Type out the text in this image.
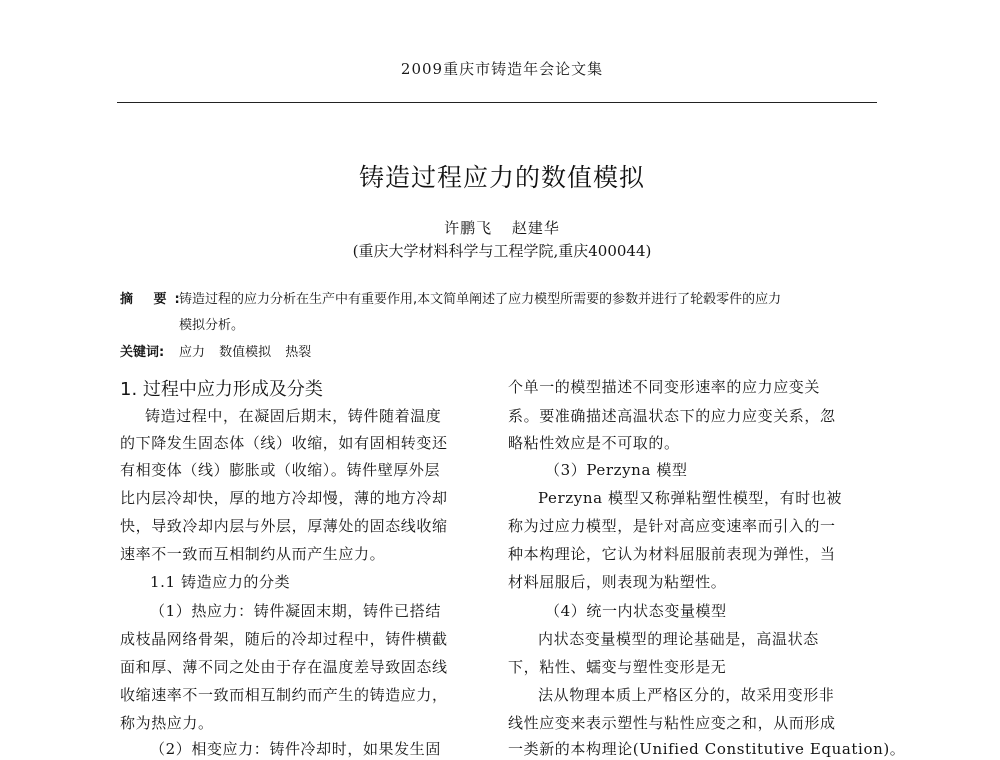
2009重庆市铸造年会论文集
铸造过程应力的数值模拟
许鹏飞 赵建华
(重庆大学材料科学与工程学院,重庆400044)
摘 要:
铸造过程的应力分析在生产中有重要作用,本文简单阐述了应力模型所需要的参数并进行了轮毂零件的应力
模拟分析。
关键词: 应力 数值模拟 热裂
1. 过程中应力形成及分类
铸造过程中，在凝固后期末，铸件随着温度
的下降发生固态体（线）收缩，如有固相转变还
有相变体（线）膨胀或（收缩）。铸件壁厚外层
比内层冷却快，厚的地方冷却慢，薄的地方冷却
快，导致冷却内层与外层，厚薄处的固态线收缩
速率不一致而互相制约从而产生应力。
1.1 铸造应力的分类
（1）热应力：铸件凝固末期，铸件已搭结
成枝晶网络骨架，随后的冷却过程中，铸件横截
面和厚、薄不同之处由于存在温度差导致固态线
收缩速率不一致而相互制约而产生的铸造应力，
称为热应力。
（2）相变应力：铸件冷却时，如果发生固
个单一的模型描述不同变形速率的应力应变关
系。要准确描述高温状态下的应力应变关系，忽
略粘性效应是不可取的。
（3）Perzyna 模型
Perzyna 模型又称弹粘塑性模型，有时也被
称为过应力模型，是针对高应变速率而引入的一
种本构理论，它认为材料屈服前表现为弹性，当
材料屈服后，则表现为粘塑性。
（4）统一内状态变量模型
内状态变量模型的理论基础是，高温状态
下，粘性、蠕变与塑性变形是无
法从物理本质上严格区分的，故采用变形非
线性应变来表示塑性与粘性应变之和，从而形成
一类新的本构理论(Unified Constitutive Equation)。
